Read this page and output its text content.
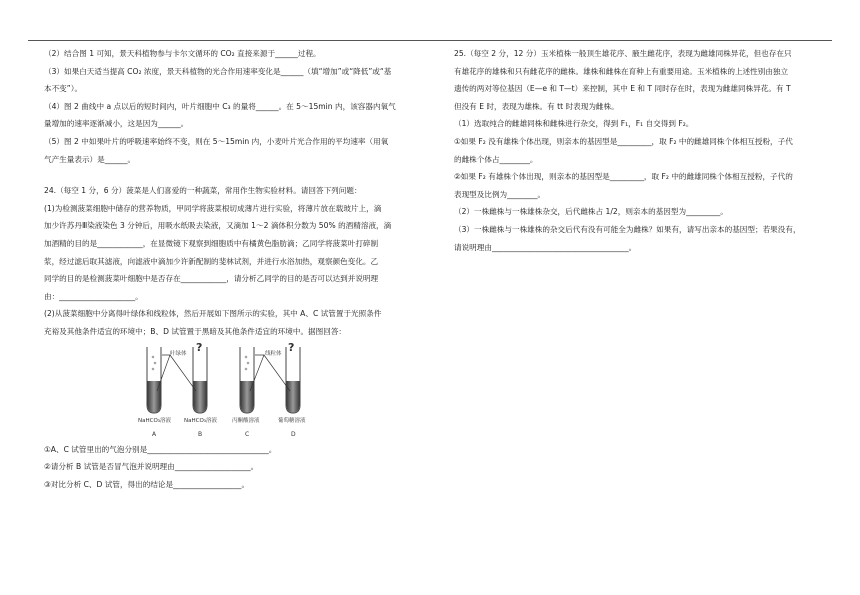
（2）结合图 1 可知，景天科植物参与卡尔文循环的 CO₂ 直接来源于______过程。

（3）如果白天适当提高 CO₂ 浓度，景天科植物的光合作用速率变化是______（填“增加”或“降低”或“基

本不变”）。

（4）图 2 曲线中 a 点以后的短时间内，叶片细胞中 C₃ 的量将______。在 5～15min 内，该容器内氧气

量增加的速率逐渐减小，这是因为______。

（5）图 2 中如果叶片的呼吸速率始终不变，则在 5～15min 内，小麦叶片光合作用的平均速率（用氧

气产生量表示）是______。

24.（每空 1 分，6 分）菠菜是人们喜爱的一种蔬菜，常用作生物实验材料。请回答下列问题：

(1)为检测菠菜细胞中储存的营养物质，甲同学将菠菜根切成薄片进行实验，将薄片放在载玻片上，滴

加少许苏丹Ⅲ染液染色 3 分钟后，用吸水纸吸去染液，又滴加 1～2 滴体积分数为 50% 的酒精溶液，滴

加酒精的目的是____________，在显微镜下观察到细胞质中有橘黄色脂肪滴；乙同学将菠菜叶打碎制

浆，经过滤后取其滤液，向滤液中滴加少许新配制的斐林试剂，并进行水浴加热，观察颜色变化。乙

同学的目的是检测菠菜叶细胞中是否存在____________，请分析乙同学的目的是否可以达到并说明理

由：____________________。

(2)从菠菜细胞中分离得叶绿体和线粒体，然后开展如下图所示的实验，其中 A、C 试管置于光照条件

充裕及其他条件适宜的环境中；B、D 试管置于黑暗及其他条件适宜的环境中。据图回答：

叶绿体	线粒体
?	?
NaHCO₃溶液 NaHCO₃溶液	丙酮酸溶液	葡萄糖溶液
A	B	C	D

①A、C 试管里出的气泡分别是________________________________。

②请分析 B 试管是否冒气泡并说明理由____________________。

③对比分析 C、D 试管，得出的结论是__________________。

25.（每空 2 分，12 分）玉米植株一般顶生雄花序、腋生雌花序，表现为雌雄同株异花，但也存在只

有雄花序的雄株和只有雌花序的雌株。雄株和雌株在育种上有重要用途。玉米植株的上述性别由独立

遗传的两对等位基因（E—e 和 T—t）来控制，其中 E 和 T 同时存在时，表现为雌雄同株异花。有 T

但没有 E 时，表现为雄株。有 tt 时表现为雌株。

（1）选取纯合的雌雄同株和雌株进行杂交，得到 F₁，F₁ 自交得到 F₂。

①如果 F₂ 没有雄株个体出现，则亲本的基因型是_________，取 F₂ 中的雌雄同株个体相互授粉，子代

的雌株个体占________。

②如果 F₂ 有雄株个体出现，则亲本的基因型是_________，取 F₂ 中的雌雄同株个体相互授粉，子代的

表现型及比例为________。

（2）一株雌株与一株雄株杂交，后代雌株占 1/2，则亲本的基因型为_________。

（3）一株雌株与一株雄株的杂交后代有没有可能全为雌株？如果有，请写出亲本的基因型；若果没有，

请说明理由____________________________________。
